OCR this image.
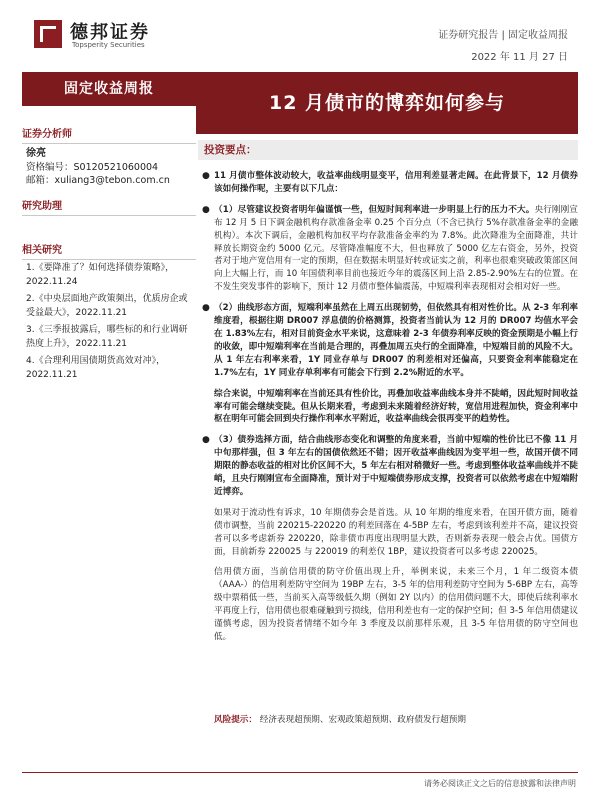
德邦证券
Topsperity Securities
证券研究报告 | 固定收益周报
2022 年 11 月 27 日
固定收益周报
12 月债市的博弈如何参与
证券分析师
徐亮
资格编号：S0120521060004
邮箱：xuliang3@tebon.com.cn
研究助理
相关研究
1.《要降准了？如何选择债券策略》，2022.11.24
2.《中央层面地产政策频出，优质房企或受益最大》，2022.11.21
3.《三季报披露后，哪些标的和行业调研热度上升》，2022.11.21
4.《合理利用国债期货高效对冲》，2022.11.21
投资要点：
● 11 月债市整体波动较大，收益率曲线明显变平，信用利差显著走阔。在此背景下，12 月债券该如何操作呢，主要有以下几点：
● （1）尽管建议投资者明年偏谨慎一些，但短时间利率进一步明显上行的压力不大。央行刚刚宣布 12 月 5 日下调金融机构存款准备金率 0.25 个百分点（不含已执行 5%存款准备金率的金融机构）。本次下调后，金融机构加权平均存款准备金率约为 7.8%。此次降准为全面降准，共计释放长期资金约 5000 亿元。尽管降准幅度不大，但也释放了 5000 亿左右资金，另外，投资者对于地产宽信用有一定的预期，但在数据未明显好转或证实之前，利率也很难突破政策部区间向上大幅上行，而 10 年国债利率目前也接近今年的震荡区间上沿 2.85-2.90%左右的位置。在不发生突发事件的影响下，预计 12 月债市整体偏震荡，中短端利率表现相对会相对好一些。
● （2）曲线形态方面，短端利率虽然在上周五出现韧势，但依然具有相对性价比。从 2-3 年利率维度看，根据往期 DR007 浮息债的价格测算，投资者当前认为 12 月的 DR007 均值水平会在 1.83%左右，相对目前资金水平来说，这意味着 2-3 年债券利率反映的资金预期是小幅上行的收敛，即中短端利率在当前是合理的，再叠加周五央行的全面降准，中短端目前的风险不大。从 1 年左右利率来看，1Y 同业存单与 DR007 的利差相对还偏高，只要资金利率能稳定在 1.7%左右，1Y 同业存单利率有可能会下行到 2.2%附近的水平。
综合来说，中短端利率在当前还具有性价比，再叠加收益率曲线本身并不陡峭，因此短时间收益率有可能会继续变陡。但从长期来看，考虑到未来随着经济好转，宽信用进程加快，资金利率中枢在明年可能会回到央行操作利率水平附近，收益率曲线会很再变平的趋势性。
● （3）债券选择方面，结合曲线形态变化和调整的角度来看，当前中短端的性价比已不像 11 月中旬那样强，但 3 年左右的国债依然还不错；因开收益率曲线因为变平坦一些，故国开债不同期限的静态收益的相对比价区间不大，5 年左右相对稍微好一些。考虑到整体收益率曲线并不陡峭，且央行刚刚宣布全面降准，预计对于中短端债券形成支撑，投资者可以依然考虑在中短端附近博弈。
如果对于流动性有诉求，10 年期债券会是首选。从 10 年期的维度来看，在国开债方面，随着债市调整，当前 220215-220220 的利差回落在 4-5BP 左右，考虑到该利差并不高，建议投资者可以多考虑新券 220220，除非债市再度出现明显大跌，否则新券表现一般会占优。国债方面，目前新券 220025 与 220019 的利差仅 1BP，建议投资者可以多考虑 220025。
信用债方面，当前信用债的防守价值出现上升，举例来说，未来三个月，1 年二级资本债（AAA-）的信用利差防守空间为 19BP 左右，3-5 年的信用利差防守空间为 5-6BP 左右，高等级中票稍低一些，当前买入高等级低久期（例如 2Y 以内）的信用债问题不大，即使后续利率水平再度上行，信用债也很难碰触到亏损线，信用利差也有一定的保护空间；但 3-5 年信用债建议谨慎考虑，因为投资者情绪不如今年 3 季度及以前那样乐观，且 3-5 年信用债的防守空间也低。
风险提示： 经济表现超预期、宏观政策超预期、政府债发行超预期
请务必阅读正文之后的信息披露和法律声明
